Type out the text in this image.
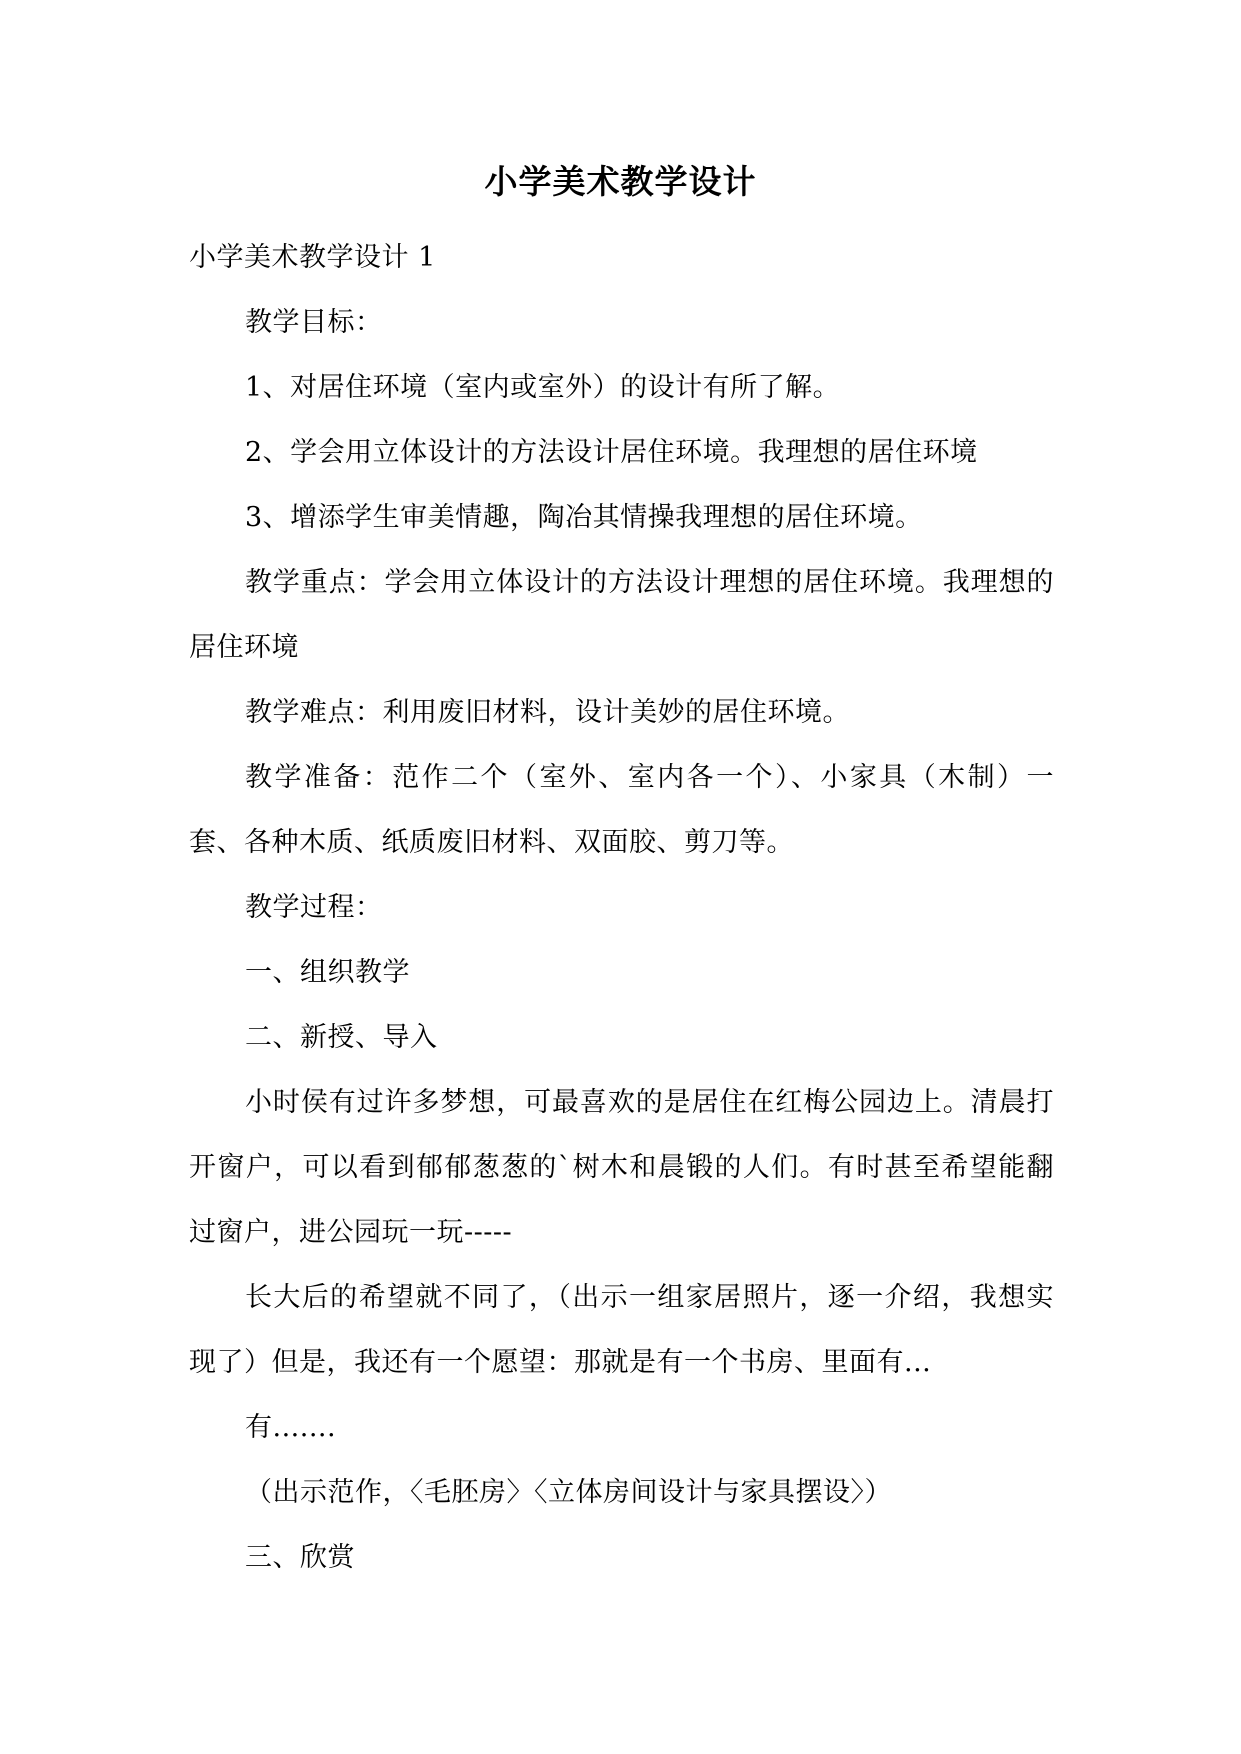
小学美术教学设计

小学美术教学设计 1

教学目标：

1、对居住环境（室内或室外）的设计有所了解。

2、学会用立体设计的方法设计居住环境。我理想的居住环境

3、增添学生审美情趣，陶冶其情操我理想的居住环境。

教学重点：学会用立体设计的方法设计理想的居住环境。我理想的居住环境

教学难点：利用废旧材料，设计美妙的居住环境。

教学准备：范作二个（室外、室内各一个）、小家具（木制）一套、各种木质、纸质废旧材料、双面胶、剪刀等。

教学过程：

一、组织教学

二、新授、导入

小时侯有过许多梦想，可最喜欢的是居住在红梅公园边上。清晨打开窗户，可以看到郁郁葱葱的`树木和晨锻的人们。有时甚至希望能翻过窗户，进公园玩一玩-----

长大后的希望就不同了，（出示一组家居照片，逐一介绍，我想实现了）但是，我还有一个愿望：那就是有一个书房、里面有...

有.......

（出示范作，〈毛胚房〉〈立体房间设计与家具摆设〉）

三、欣赏
